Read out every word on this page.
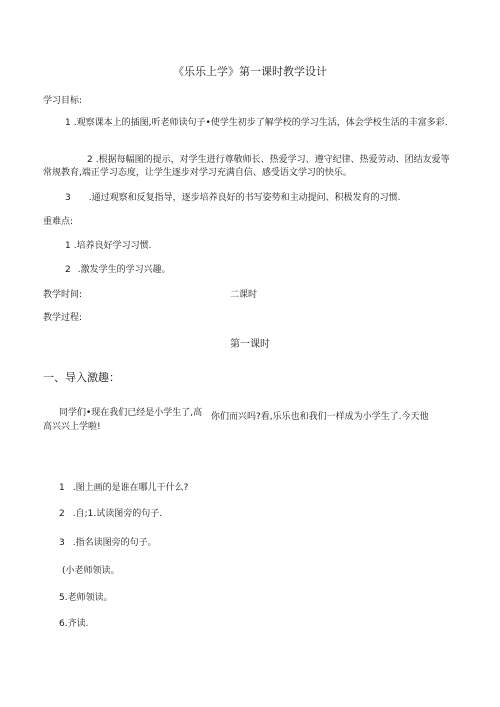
《乐乐上学》第一课时教学设计
学习目标:
1 .观察课本上的插图,听老师读句子•使学生初步了解学校的学习生活，体会学校生活的丰富多彩.
2 .根据每幅图的提示，对学生进行尊敬师长、热爱学习、遵守纪律、热爱劳动、团结友爱等常规教育,端正学习态度，让学生逐步对学习充满自信、感受语文学习的快乐。
3 .通过观察和反复指导，逐步培养良好的书写姿势和主动提问、积极发育的习惯.
重难点:
1 .培养良好学习习惯.
2 .激发学生的学习兴趣。
教学时间:	二课时
教学过程:
第一课时
一、导入激趣：
同学们•现在我们已经是小学生了,高 你们而兴吗?看,乐乐也和我们一样成为小学生了.今天他
高兴兴上学啦!
1 .图上画的是谁在哪儿干什么?
2 .自;1.试读图旁的句子.
3 .指名读图旁的句子。
(小老师领读。
5.老师领读。
6.齐读.
